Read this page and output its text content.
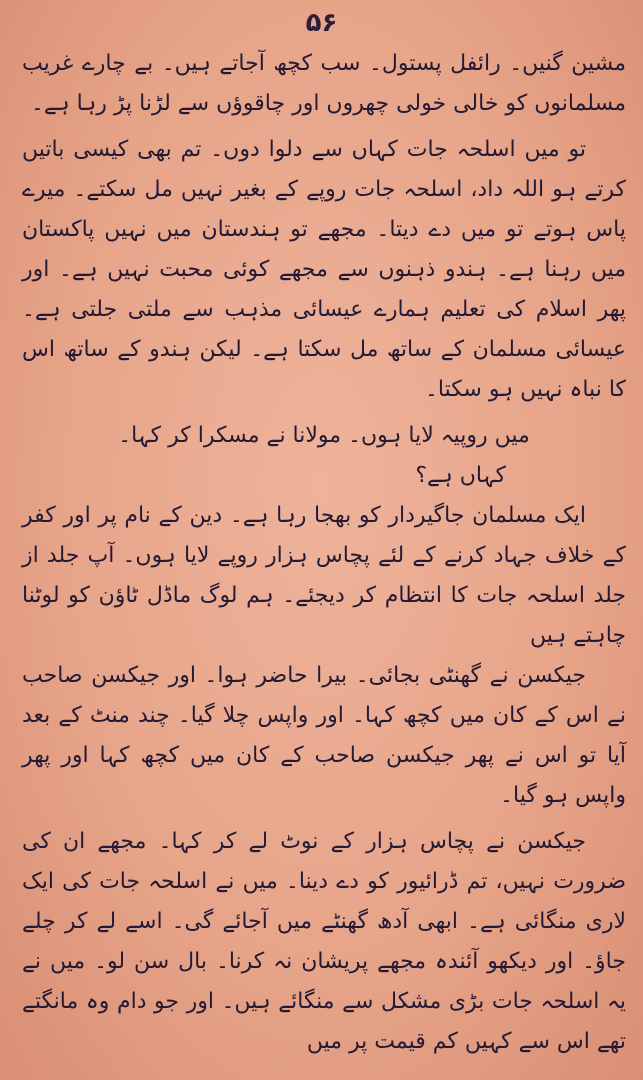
۵۶

مشین گنیں۔ رائفل پستول۔ سب کچھ آجاتے ہیں۔ بے چارے غریب مسلمانوں کو خالی خولی چھروں اور چاقوؤں سے لڑنا پڑ رہا ہے۔

تو میں اسلحہ جات کہاں سے دلوا دوں۔ تم بھی کیسی باتیں کرتے ہو اللہ داد، اسلحہ جات روپے کے بغیر نہیں مل سکتے۔ میرے پاس ہوتے تو میں دے دیتا۔ مجھے تو ہندستان میں نہیں پاکستان میں رہنا ہے۔ ہندو ذہنوں سے مجھے کوئی محبت نہیں ہے۔ اور پھر اسلام کی تعلیم ہمارے عیسائی مذہب سے ملتی جلتی ہے۔ عیسائی مسلمان کے ساتھ مل سکتا ہے۔ لیکن ہندو کے ساتھ اس کا نباہ نہیں ہو سکتا۔

میں روپیہ لایا ہوں۔ مولانا نے مسکرا کر کہا۔

کہاں ہے؟

ایک مسلمان جاگیردار کو بھجا رہا ہے۔ دین کے نام پر اور کفر کے خلاف جہاد کرنے کے لئے پچاس ہزار روپے لایا ہوں۔ آپ جلد از جلد اسلحہ جات کا انتظام کر دیجئے۔ ہم لوگ ماڈل ٹاؤن کو لوٹنا چاہتے ہیں

جیکسن نے گھنٹی بجائی۔ بیرا حاضر ہوا۔ اور جیکسن صاحب نے اس کے کان میں کچھ کہا۔ اور واپس چلا گیا۔ چند منٹ کے بعد آیا تو اس نے پھر جیکسن صاحب کے کان میں کچھ کہا اور پھر واپس ہو گیا۔

جیکسن نے پچاس ہزار کے نوٹ لے کر کہا۔ مجھے ان کی ضرورت نہیں، تم ڈرائیور کو دے دینا۔ میں نے اسلحہ جات کی ایک لاری منگائی ہے۔ ابھی آدھ گھنٹے میں آجائے گی۔ اسے لے کر چلے جاؤ۔ اور دیکھو آئندہ مجھے پریشان نہ کرنا۔ بال سن لو۔ میں نے یہ اسلحہ جات بڑی مشکل سے منگائے ہیں۔ اور جو دام وہ مانگتے تھے اس سے کہیں کم قیمت پر میں
